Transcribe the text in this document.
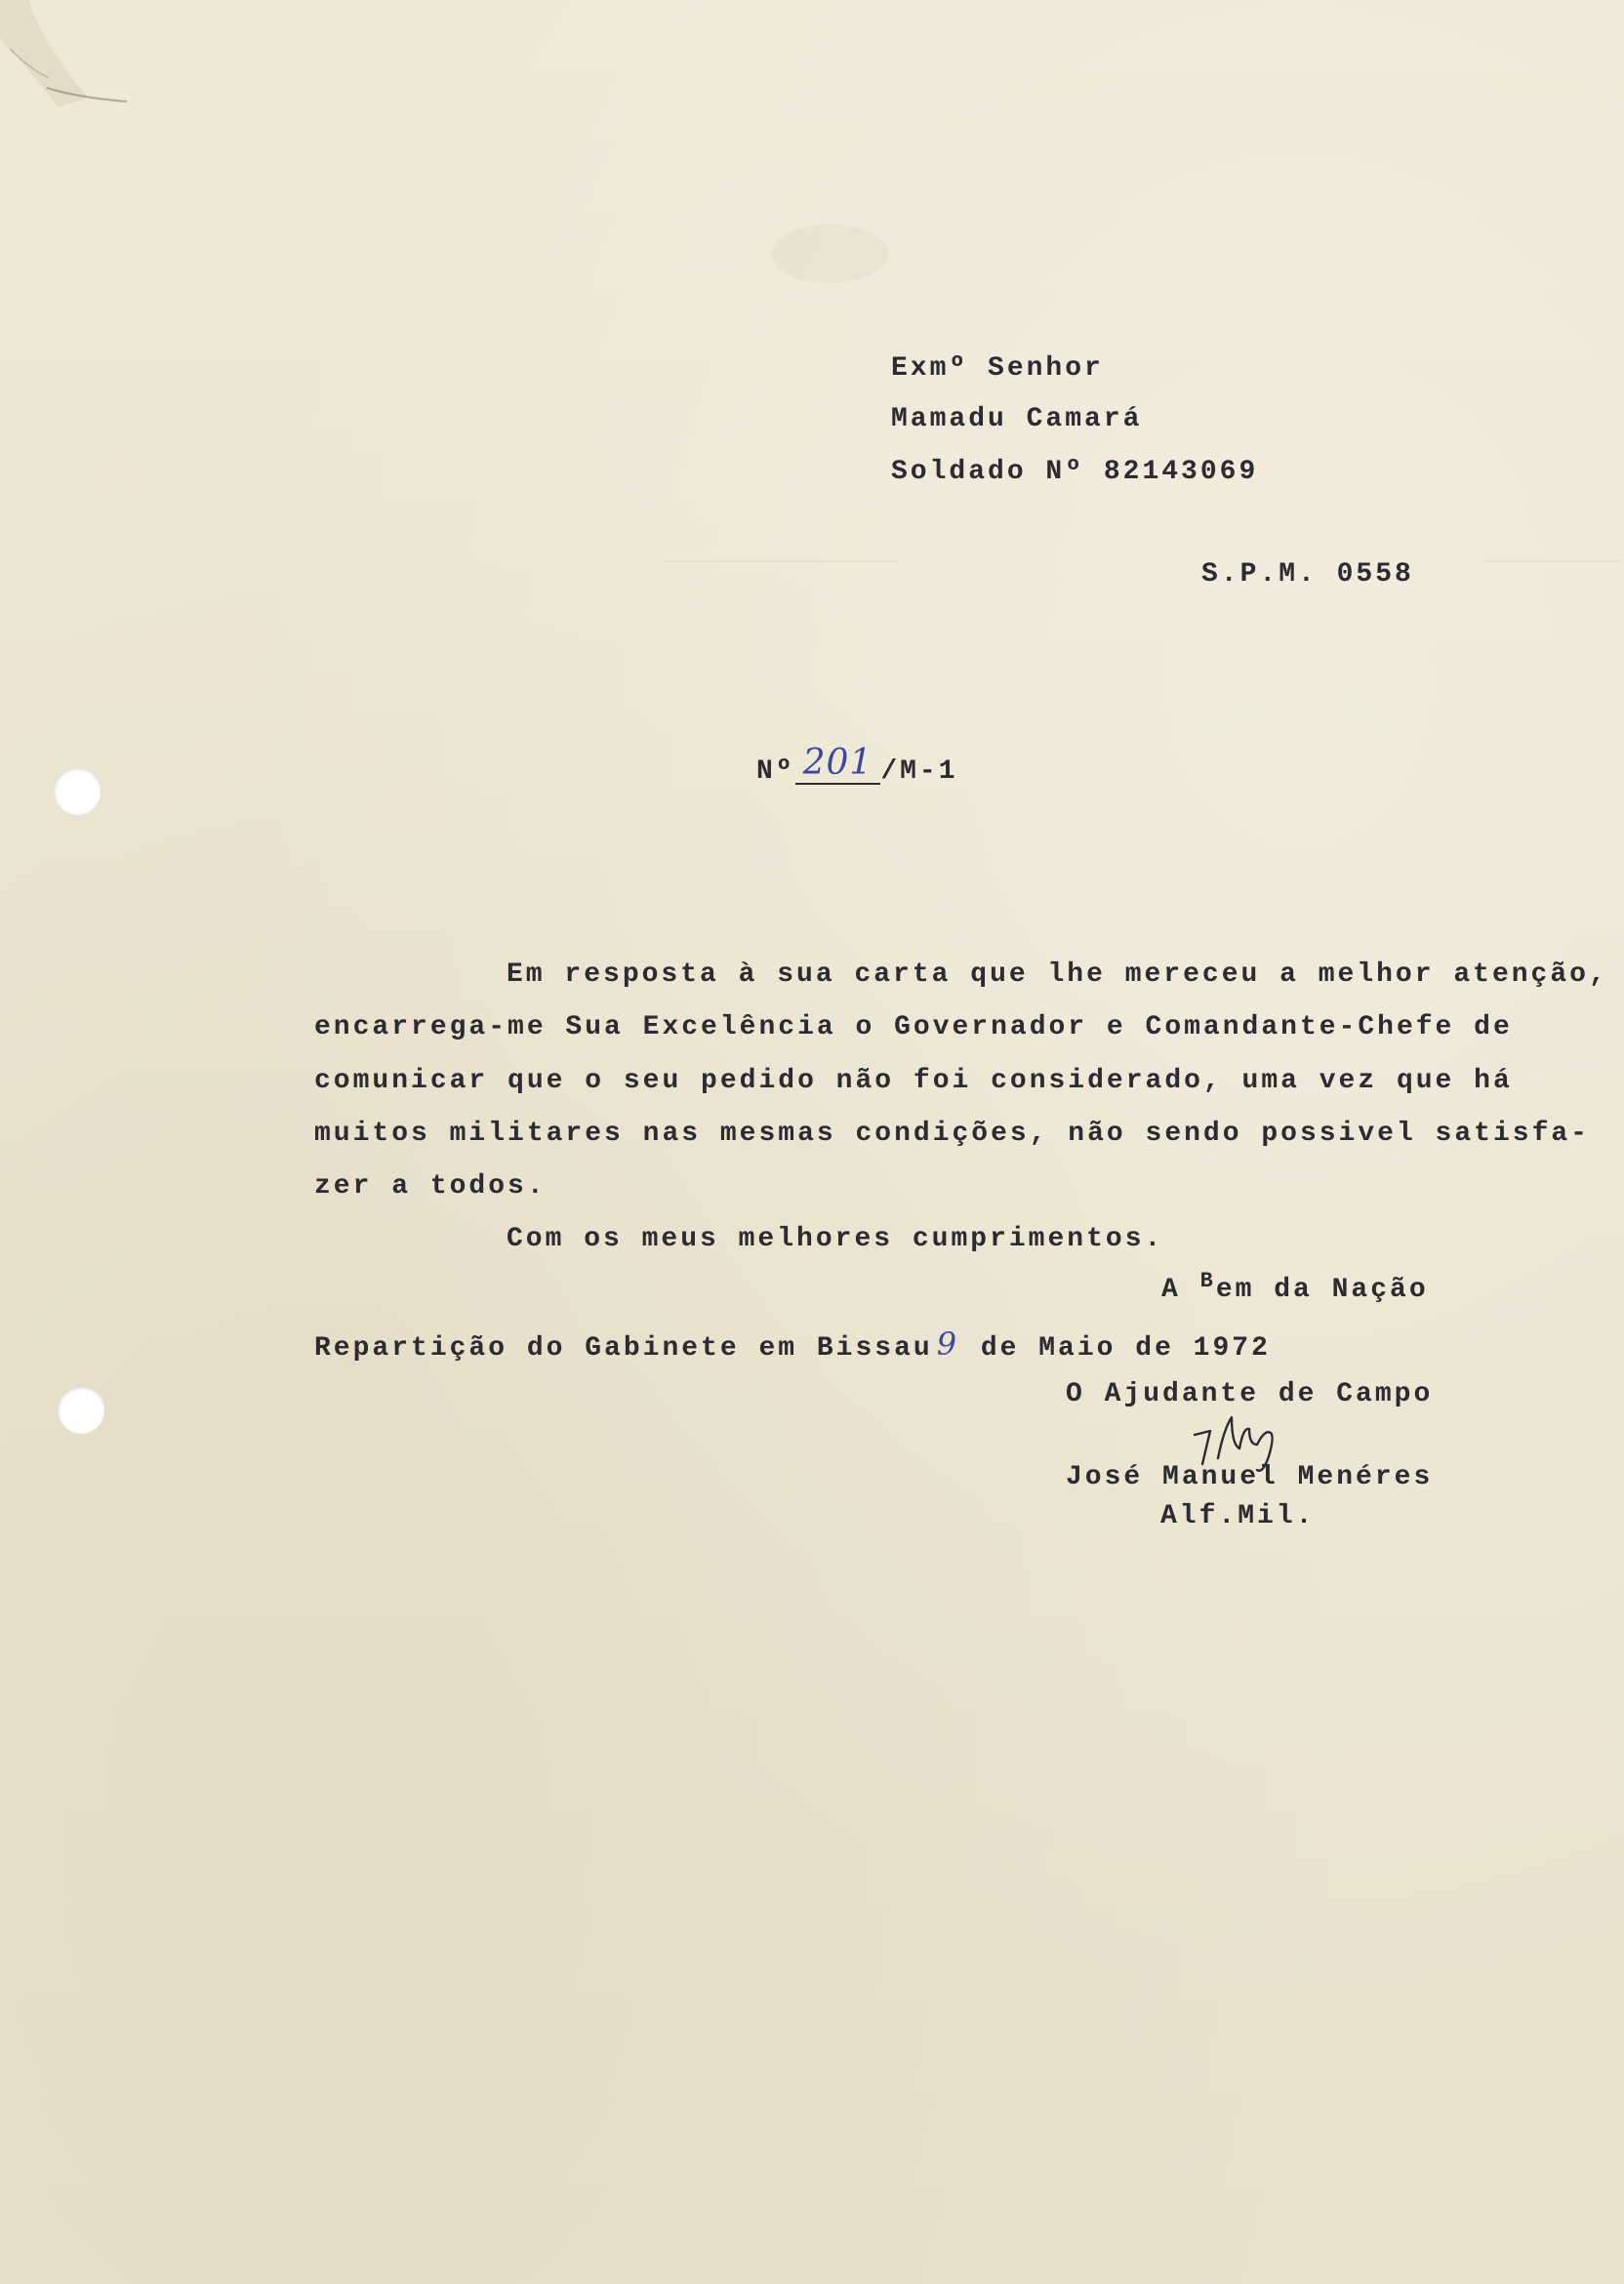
Exmº Senhor
Mamadu Camará
Soldado Nº 82143069
S.P.M. 0558
Nº 201 /M-1
Em resposta à sua carta que lhe mereceu a melhor atenção,
encarrega-me Sua Excelência o Governador e Comandante-Chefe de
comunicar que o seu pedido não foi considerado, uma vez que há
muitos militares nas mesmas condições, não sendo possivel satisfa-
zer a todos.
Com os meus melhores cumprimentos.
A $^B$em da Nação
Repartição do Gabinete em Bissau 9 de Maio de 1972
O Ajudante de Campo
José Manuel Menéres
Alf.Mil.
